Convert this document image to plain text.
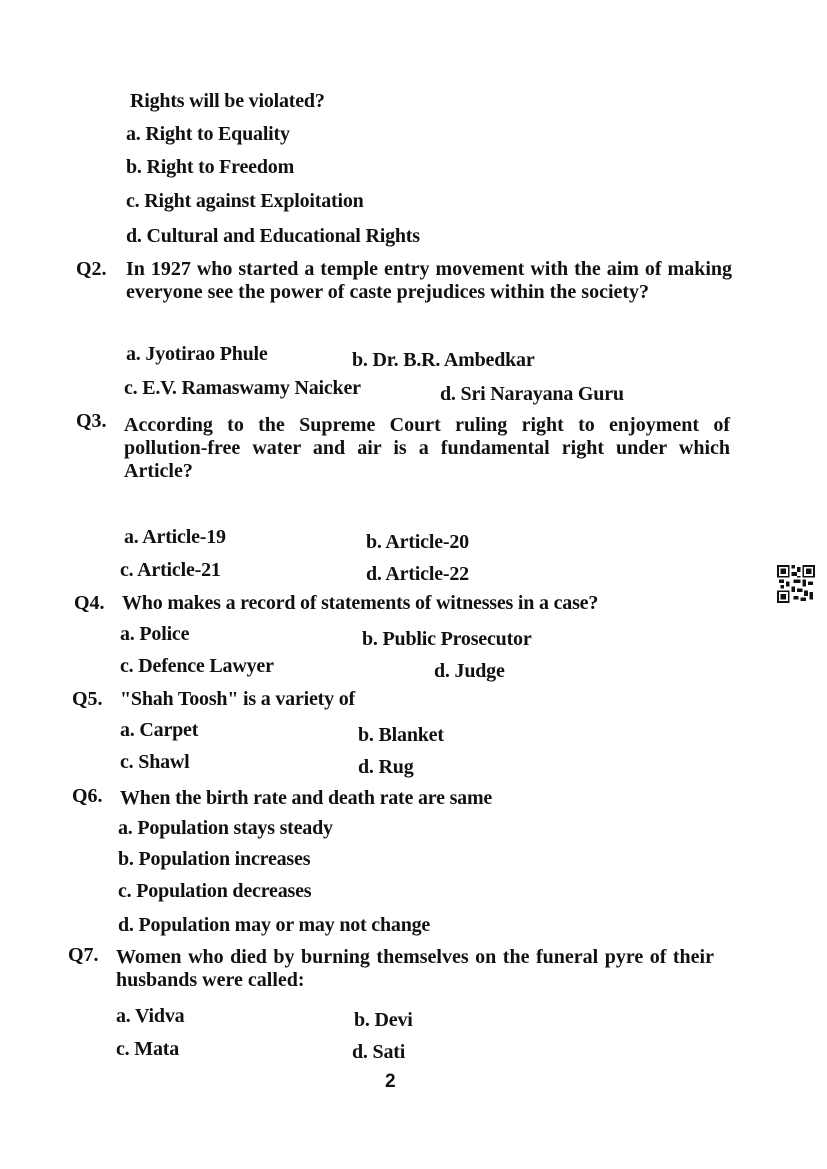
Rights will be violated?
a. Right to Equality
b. Right to Freedom
c. Right against Exploitation
d. Cultural and Educational Rights
Q2. In 1927 who started a temple entry movement with the aim of making everyone see the power of caste prejudices within the society?
a. Jyotirao Phule	b. Dr. B.R. Ambedkar
c. E.V. Ramaswamy Naicker	d. Sri Narayana Guru
Q3. According to the Supreme Court ruling right to enjoyment of pollution-free water and air is a fundamental right under which Article?
a. Article-19	b. Article-20
c. Article-21	d. Article-22
Q4. Who makes a record of statements of witnesses in a case?
a. Police	b. Public Prosecutor
c. Defence Lawyer	d. Judge
Q5. "Shah Toosh" is a variety of
a. Carpet	b. Blanket
c. Shawl	d. Rug
Q6. When the birth rate and death rate are same
a. Population stays steady
b. Population increases
c. Population decreases
d. Population may or may not change
Q7. Women who died by burning themselves on the funeral pyre of their husbands were called:
a. Vidva	b. Devi
c. Mata	d. Sati
2
